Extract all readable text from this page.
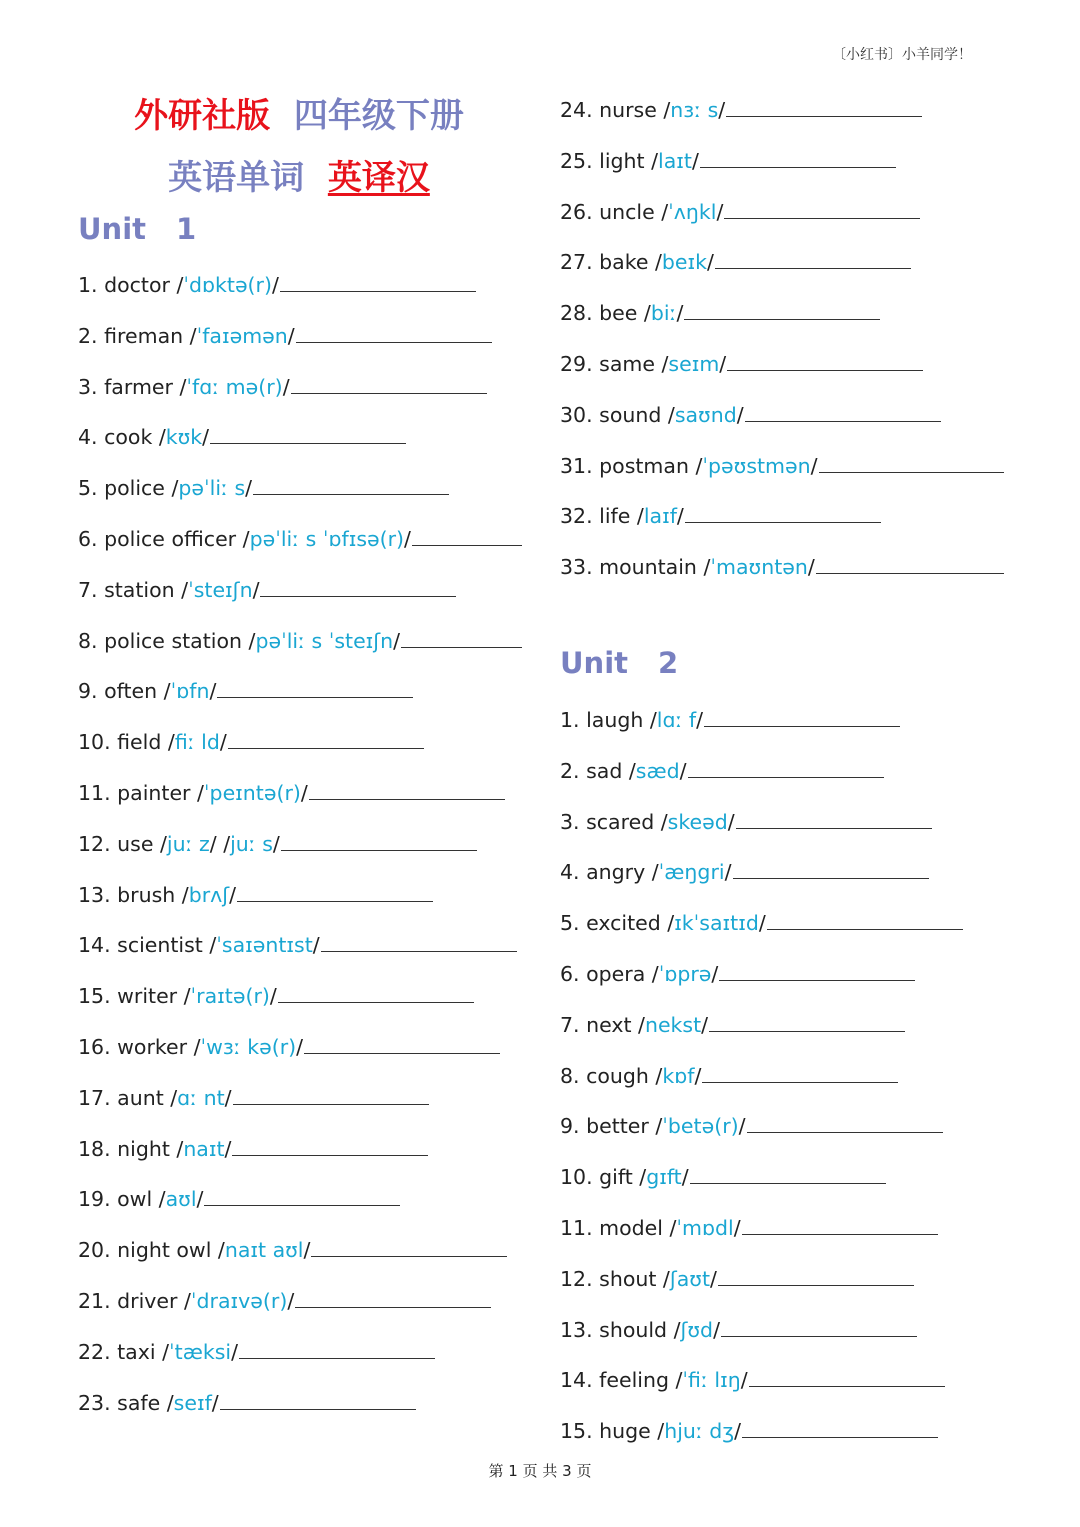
〔小红书〕小羊同学！
外研社版 四年级下册
英语单词 英译汉
Unit 1
1. doctor /ˈdɒktə(r)/
2. fireman /ˈfaɪəmən/
3. farmer /ˈfɑː mə(r)/
4. cook /kʊk/
5. police /pəˈliː s/
6. police officer /pəˈliː s ˈɒfɪsə(r)/
7. station /ˈsteɪʃn/
8. police station /pəˈliː s ˈsteɪʃn/
9. often /ˈɒfn/
10. field /fiː ld/
11. painter /ˈpeɪntə(r)/
12. use /juː z/ /juː s/
13. brush /brʌʃ/
14. scientist /ˈsaɪəntɪst/
15. writer /ˈraɪtə(r)/
16. worker /ˈwɜː kə(r)/
17. aunt /ɑː nt/
18. night /naɪt/
19. owl /aʊl/
20. night owl /naɪt aʊl/
21. driver /ˈdraɪvə(r)/
22. taxi /ˈtæksi/
23. safe /seɪf/
24. nurse /nɜː s/
25. light /laɪt/
26. uncle /ˈʌŋkl/
27. bake /beɪk/
28. bee /biː/
29. same /seɪm/
30. sound /saʊnd/
31. postman /ˈpəʊstmən/
32. life /laɪf/
33. mountain /ˈmaʊntən/
Unit 2
1. laugh /lɑː f/
2. sad /sæd/
3. scared /skeəd/
4. angry /ˈæŋgri/
5. excited /ɪkˈsaɪtɪd/
6. opera /ˈɒprə/
7. next /nekst/
8. cough /kɒf/
9. better /ˈbetə(r)/
10. gift /gɪft/
11. model /ˈmɒdl/
12. shout /ʃaʊt/
13. should /ʃʊd/
14. feeling /ˈfiː lɪŋ/
15. huge /hjuː dʒ/
第 1 页 共 3 页
